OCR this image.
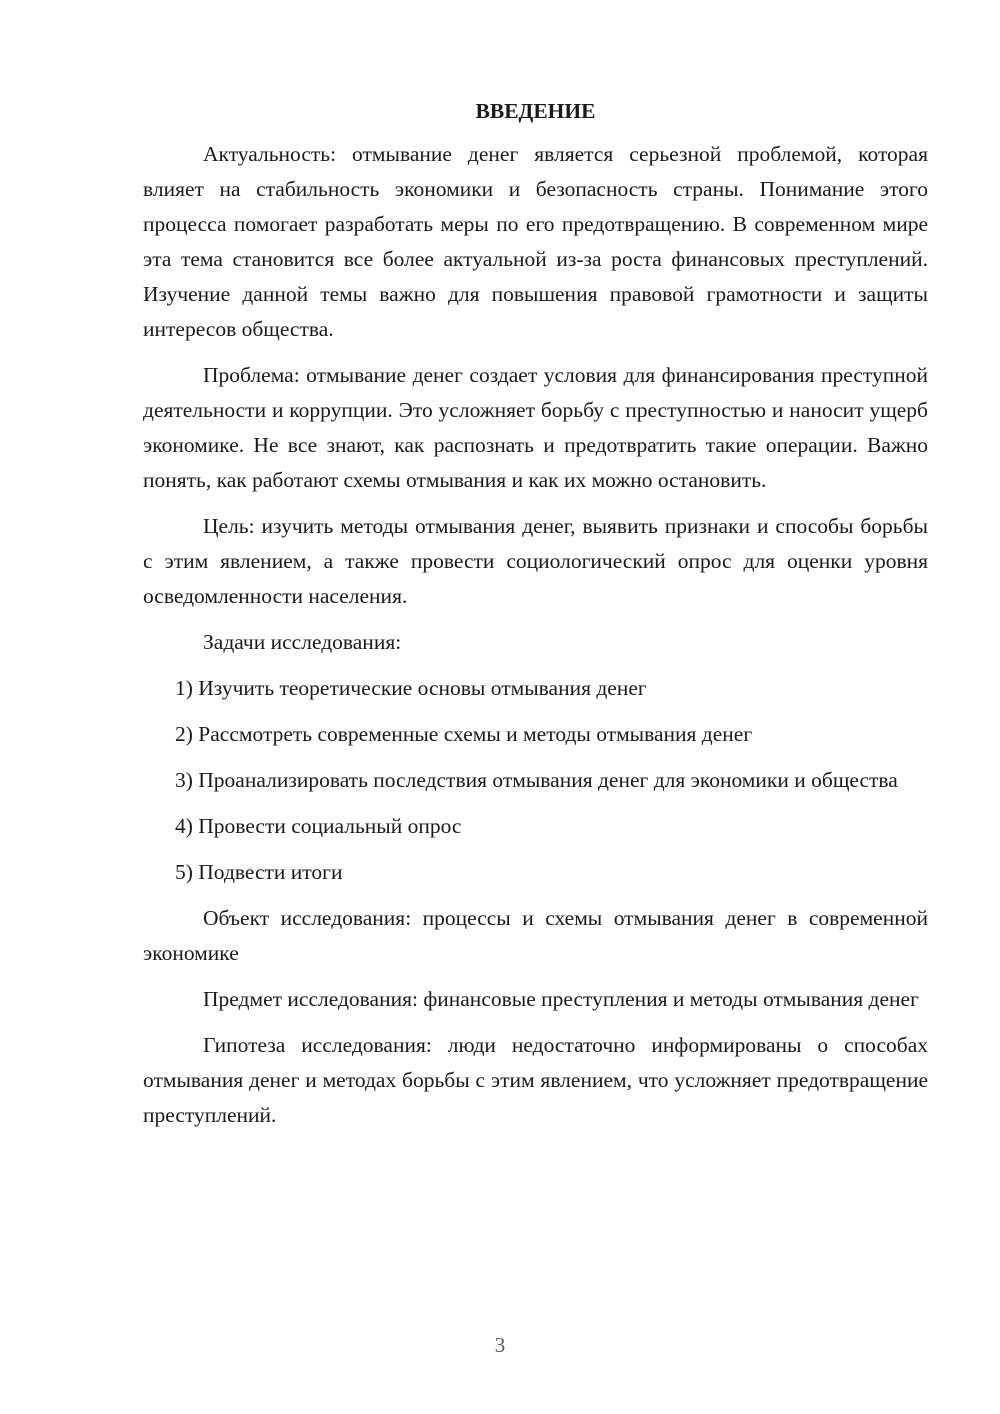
ВВЕДЕНИЕ

Актуальность: отмывание денег является серьезной проблемой, которая влияет на стабильность экономики и безопасность страны. Понимание этого процесса помогает разработать меры по его предотвращению. В современном мире эта тема становится все более актуальной из-за роста финансовых преступлений. Изучение данной темы важно для повышения правовой грамотности и защиты интересов общества.

Проблема: отмывание денег создает условия для финансирования преступной деятельности и коррупции. Это усложняет борьбу с преступностью и наносит ущерб экономике. Не все знают, как распознать и предотвратить такие операции. Важно понять, как работают схемы отмывания и как их можно остановить.

Цель: изучить методы отмывания денег, выявить признаки и способы борьбы с этим явлением, а также провести социологический опрос для оценки уровня осведомленности населения.

Задачи исследования:

1) Изучить теоретические основы отмывания денег

2) Рассмотреть современные схемы и методы отмывания денег

3) Проанализировать последствия отмывания денег для экономики и общества

4) Провести социальный опрос

5) Подвести итоги

Объект исследования: процессы и схемы отмывания денег в современной экономике

Предмет исследования: финансовые преступления и методы отмывания денег

Гипотеза исследования: люди недостаточно информированы о способах отмывания денег и методах борьбы с этим явлением, что усложняет предотвращение преступлений.

3
